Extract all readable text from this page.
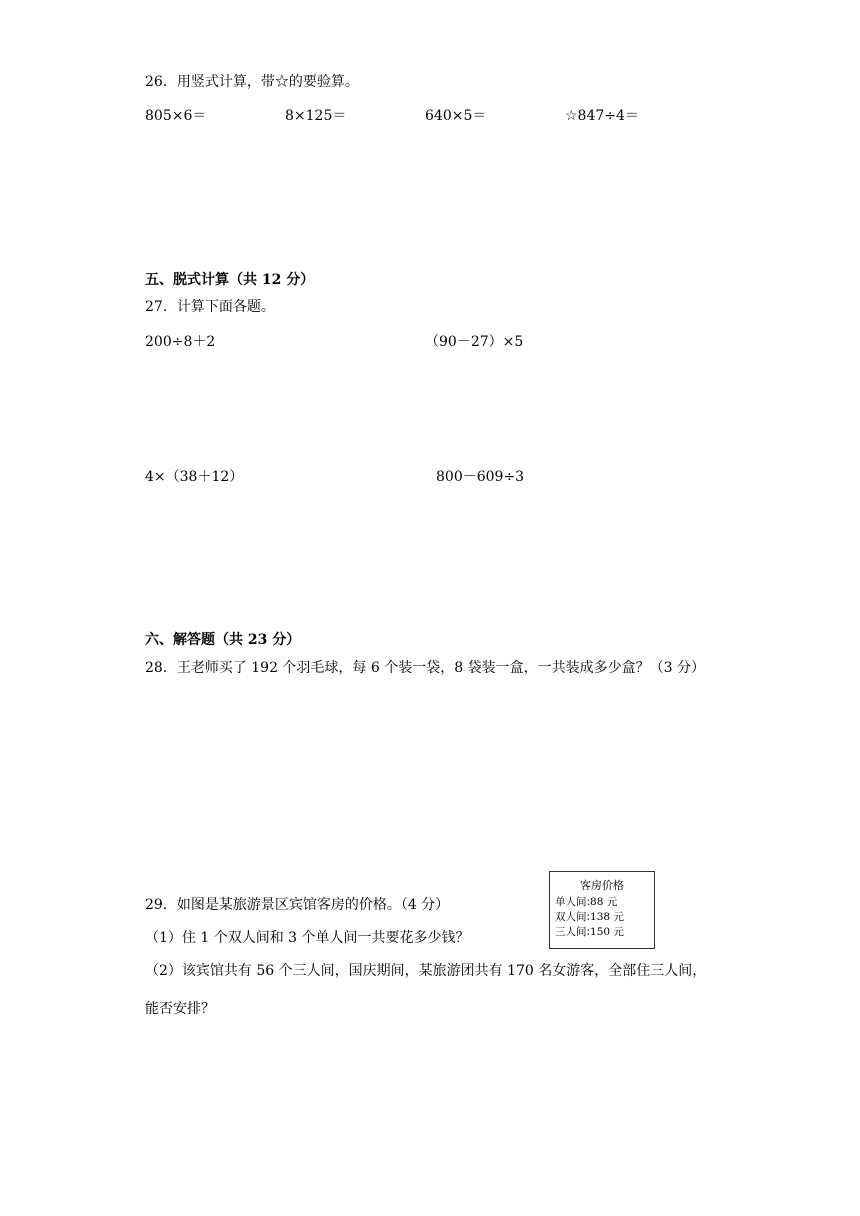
26．用竖式计算，带☆的要验算。
805×6＝	8×125＝	640×5＝	☆847÷4＝
五、脱式计算（共 12 分）
27．计算下面各题。
200÷8＋2	（90－27）×5
4×（38＋12）	800－609÷3
六、解答题（共 23 分）
28．王老师买了 192 个羽毛球，每 6 个装一袋，8 袋装一盒，一共装成多少盒？（3 分）
29．如图是某旅游景区宾馆客房的价格。（4 分）
（1）住 1 个双人间和 3 个单人间一共要花多少钱？
（2）该宾馆共有 56 个三人间，国庆期间，某旅游团共有 170 名女游客，全部住三人间，
能否安排？
客房价格
单人间:88 元
双人间:138 元
三人间:150 元
